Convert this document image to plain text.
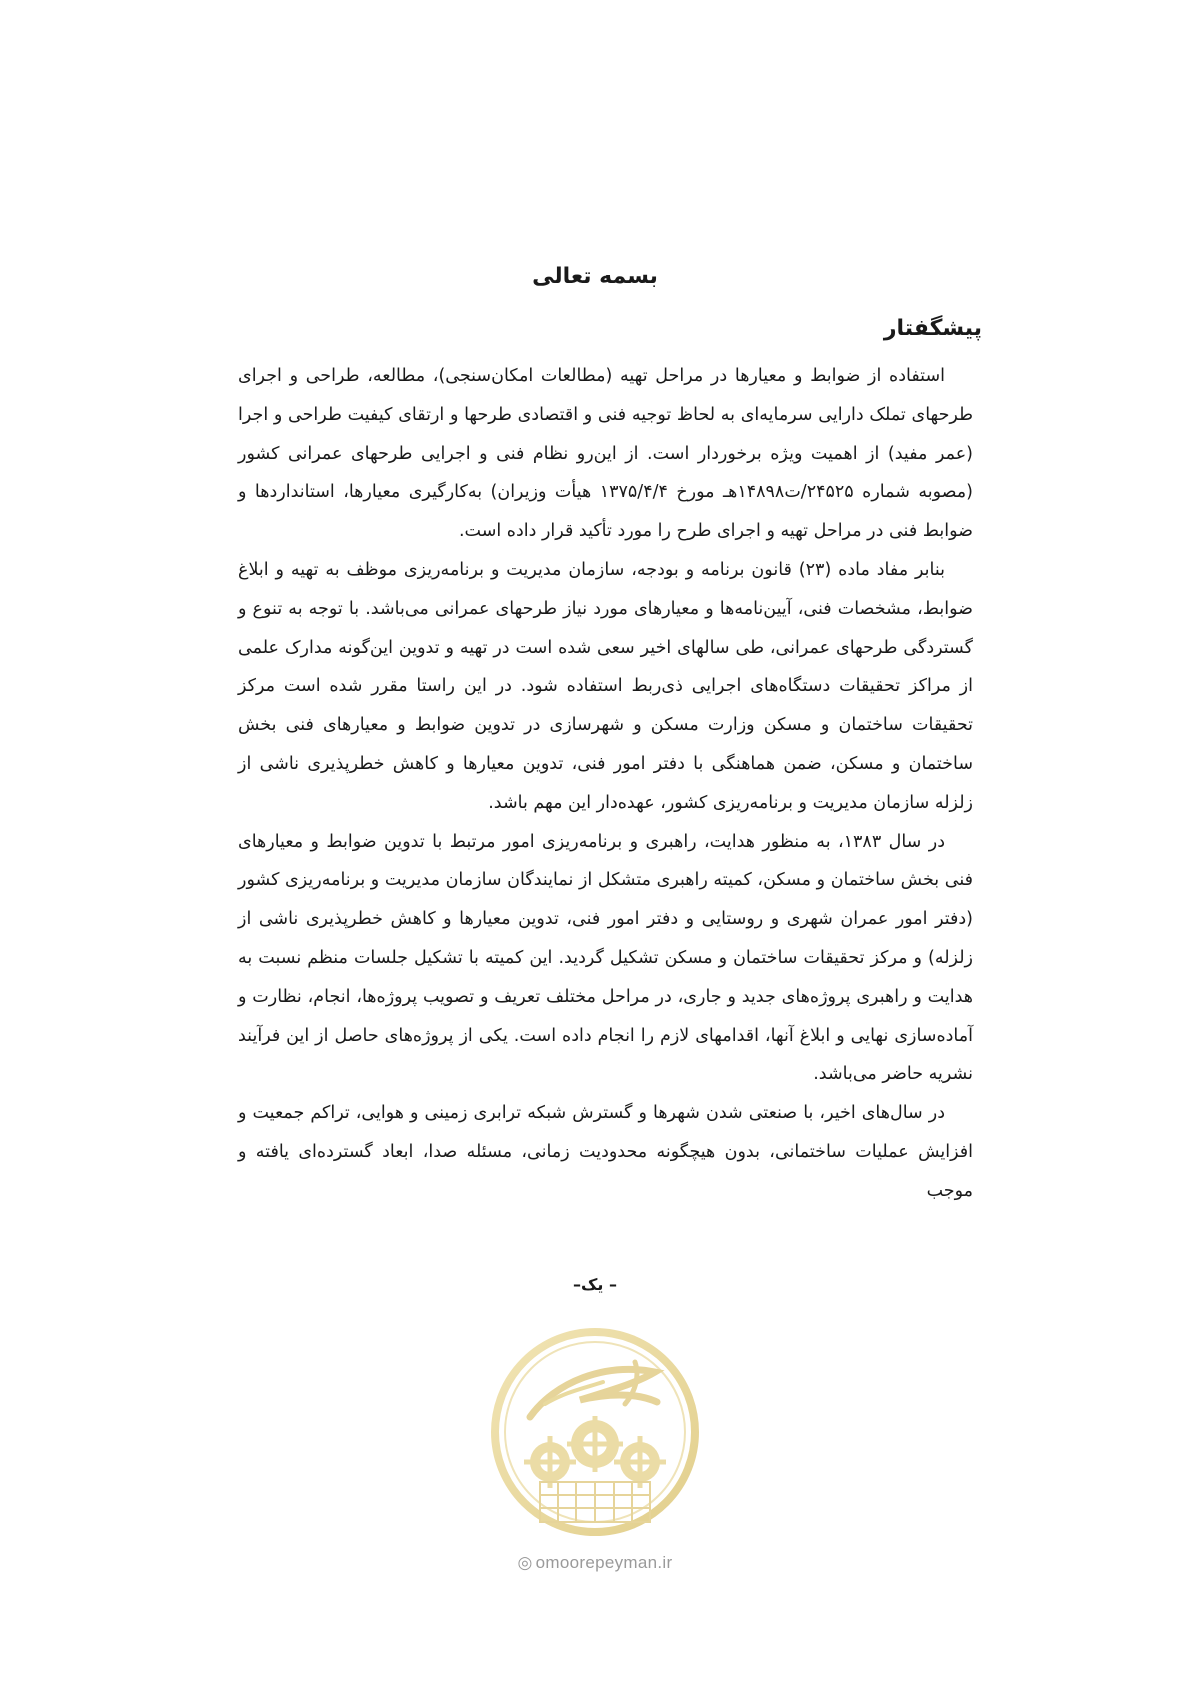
بسمه تعالی
پیشگفتار

استفاده از ضوابط و معیارها در مراحل تهیه (مطالعات امکان‌سنجی)، مطالعه، طراحی و اجرای طرحهای تملک دارایی سرمایه‌ای به لحاظ توجیه فنی و اقتصادی طرحها و ارتقای کیفیت طراحی و اجرا (عمر مفید) از اهمیت ویژه برخوردار است. از این‌رو نظام فنی و اجرایی طرحهای عمرانی کشور (مصوبه شماره ۲۴۵۲۵/ت۱۴۸۹۸هـ مورخ ۱۳۷۵/۴/۴ هیأت وزیران) به‌کارگیری معیارها، استانداردها و ضوابط فنی در مراحل تهیه و اجرای طرح را مورد تأکید قرار داده است.

بنابر مفاد ماده (۲۳) قانون برنامه و بودجه، سازمان مدیریت و برنامه‌ریزی موظف به تهیه و ابلاغ ضوابط، مشخصات فنی، آیین‌نامه‌ها و معیارهای مورد نیاز طرحهای عمرانی می‌باشد. با توجه به تنوع و گستردگی طرحهای عمرانی، طی سالهای اخیر سعی شده است در تهیه و تدوین این‌گونه مدارک علمی از مراکز تحقیقات دستگاه‌های اجرایی ذی‌ربط استفاده شود. در این راستا مقرر شده است مرکز تحقیقات ساختمان و مسکن وزارت مسکن و شهرسازی در تدوین ضوابط و معیارهای فنی بخش ساختمان و مسکن، ضمن هماهنگی با دفتر امور فنی، تدوین معیارها و کاهش خطرپذیری ناشی از زلزله سازمان مدیریت و برنامه‌ریزی کشور، عهده‌دار این مهم باشد.

در سال ۱۳۸۳، به منظور هدایت، راهبری و برنامه‌ریزی امور مرتبط با تدوین ضوابط و معیارهای فنی بخش ساختمان و مسکن، کمیته راهبری متشکل از نمایندگان سازمان مدیریت و برنامه‌ریزی کشور (دفتر امور عمران شهری و روستایی و دفتر امور فنی، تدوین معیارها و کاهش خطرپذیری ناشی از زلزله) و مرکز تحقیقات ساختمان و مسکن تشکیل گردید. این کمیته با تشکیل جلسات منظم نسبت به هدایت و راهبری پروژه‌های جدید و جاری، در مراحل مختلف تعریف و تصویب پروژه‌ها، انجام، نظارت و آماده‌سازی نهایی و ابلاغ آنها، اقدامهای لازم را انجام داده است. یکی از پروژه‌های حاصل از این فرآیند نشریه حاضر می‌باشد.

در سال‌های اخیر، با صنعتی شدن شهرها و گسترش شبکه ترابری زمینی و هوایی، تراکم جمعیت و افزایش عملیات ساختمانی، بدون هیچگونه محدودیت زمانی، مسئله صدا، ابعاد گسترده‌ای یافته و موجب

– یک–
◎ omoorepeyman.ir
